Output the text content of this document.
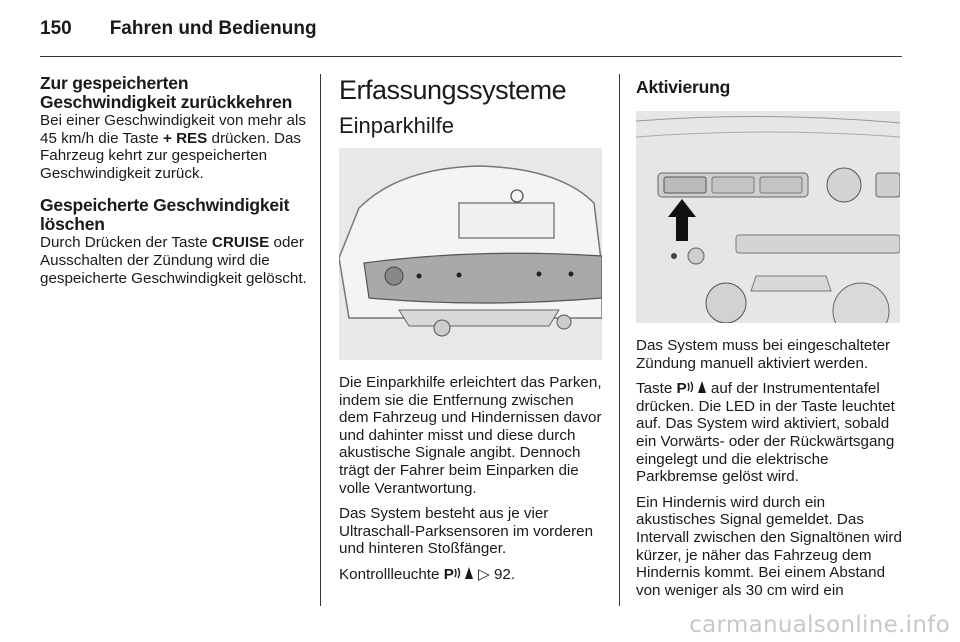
150 Fahren und Bedienung
Zur gespeicherten Geschwindigkeit zurückkehren

Bei einer Geschwindigkeit von mehr als 45 km/h die Taste + RES drücken. Das Fahrzeug kehrt zur gespeicherten Geschwindigkeit zurück.

Gespeicherte Geschwindigkeit löschen

Durch Drücken der Taste CRUISE oder Ausschalten der Zündung wird die gespeicherte Geschwindigkeit gelöscht.

Erfassungssysteme
Einparkhilfe

Die Einparkhilfe erleichtert das Parken, indem sie die Entfernung zwischen dem Fahrzeug und Hindernissen davor und dahinter misst und diese durch akustische Signale angibt. Dennoch trägt der Fahrer beim Einparken die volle Verantwortung.

Das System besteht aus je vier Ultraschall-Parksensoren im vorderen und hinteren Stoßfänger.

Kontrollleuchte P ▷ 92.

Aktivierung

Das System muss bei eingeschalteter Zündung manuell aktiviert werden.

Taste P auf der Instrumententafel drücken. Die LED in der Taste leuchtet auf. Das System wird aktiviert, sobald ein Vorwärts- oder der Rückwärtsgang eingelegt und die elektrische Parkbremse gelöst wird.

Ein Hindernis wird durch ein akustisches Signal gemeldet. Das Intervall zwischen den Signaltönen wird kürzer, je näher das Fahrzeug dem Hindernis kommt. Bei einem Abstand von weniger als 30 cm wird ein

carmanualsonline.info
